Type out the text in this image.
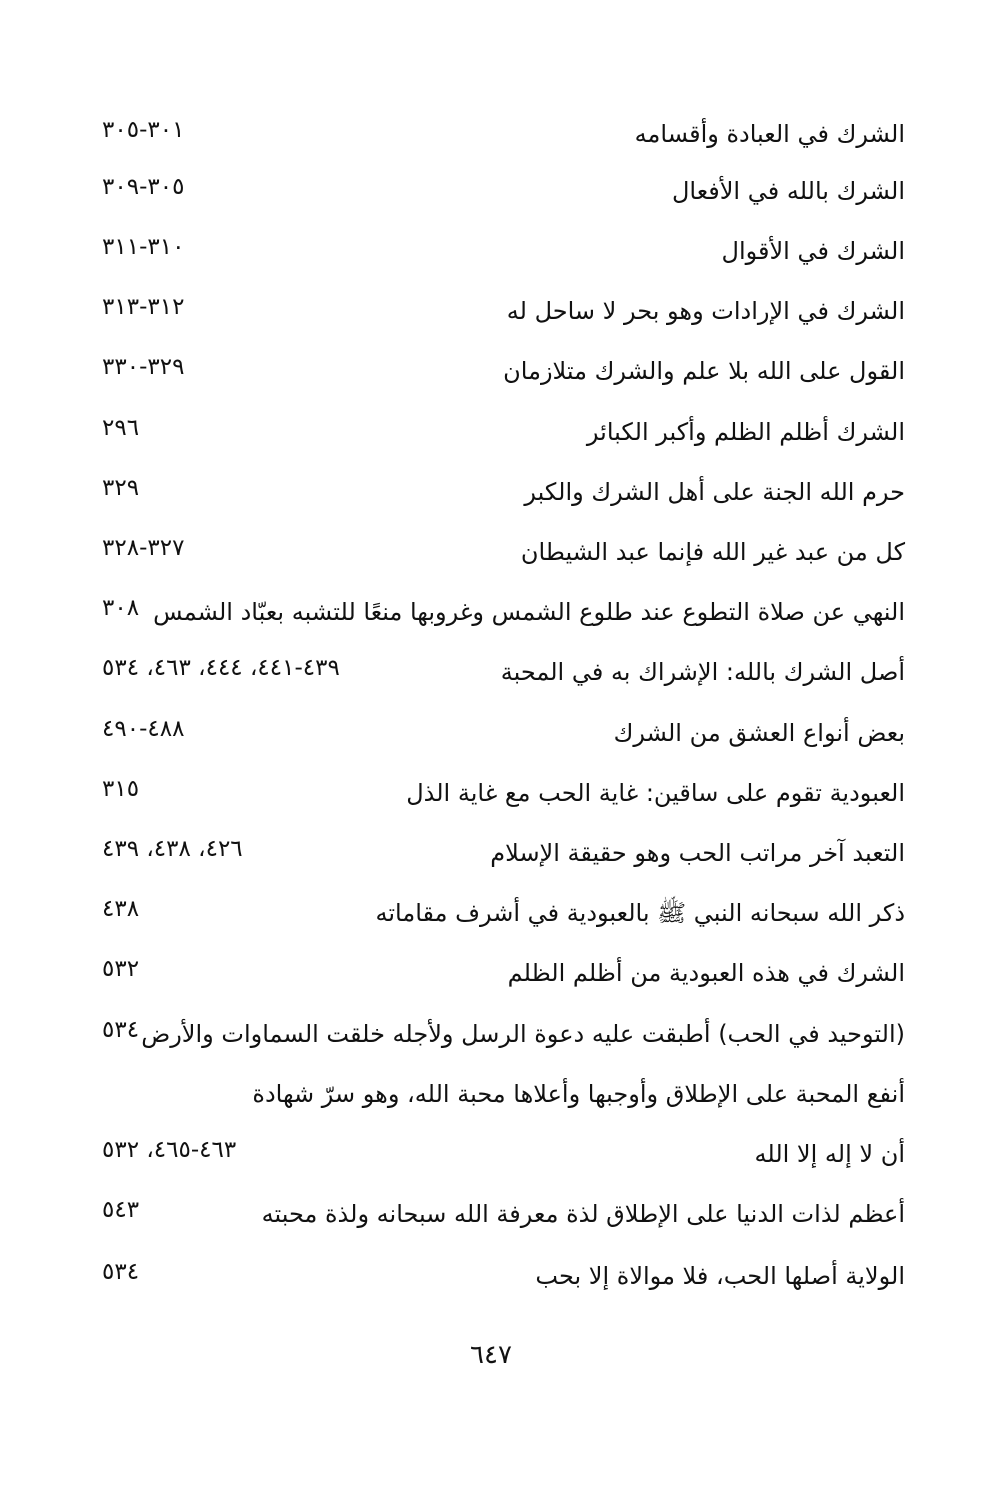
الشرك في العبادة وأقسامه
٣٠١-٣٠٥
الشرك بالله في الأفعال
٣٠٥-٣٠٩
الشرك في الأقوال
٣١٠-٣١١
الشرك في الإرادات وهو بحر لا ساحل له
٣١٢-٣١٣
القول على الله بلا علم والشرك متلازمان
٣٢٩-٣٣٠
الشرك أظلم الظلم وأكبر الكبائر
٢٩٦
حرم الله الجنة على أهل الشرك والكبر
٣٢٩
كل من عبد غير الله فإنما عبد الشيطان
٣٢٧-٣٢٨
النهي عن صلاة التطوع عند طلوع الشمس وغروبها منعًا للتشبه بعبّاد الشمس
٣٠٨
أصل الشرك بالله: الإشراك به في المحبة
٤٣٩-٤٤١، ٤٤٤، ٤٦٣، ٥٣٤
بعض أنواع العشق من الشرك
٤٨٨-٤٩٠
العبودية تقوم على ساقين: غاية الحب مع غاية الذل
٣١٥
التعبد آخر مراتب الحب وهو حقيقة الإسلام
٤٢٦، ٤٣٨، ٤٣٩
ذكر الله سبحانه النبي ﷺ بالعبودية في أشرف مقاماته
٤٣٨
الشرك في هذه العبودية من أظلم الظلم
٥٣٢
(التوحيد في الحب) أطبقت عليه دعوة الرسل ولأجله خلقت السماوات والأرض
٥٣٤
أنفع المحبة على الإطلاق وأوجبها وأعلاها محبة الله، وهو سرّ شهادة
أن لا إله إلا الله
٤٦٣-٤٦٥، ٥٣٢
أعظم لذات الدنيا على الإطلاق لذة معرفة الله سبحانه ولذة محبته
٥٤٣
الولاية أصلها الحب، فلا موالاة إلا بحب
٥٣٤
٦٤٧
